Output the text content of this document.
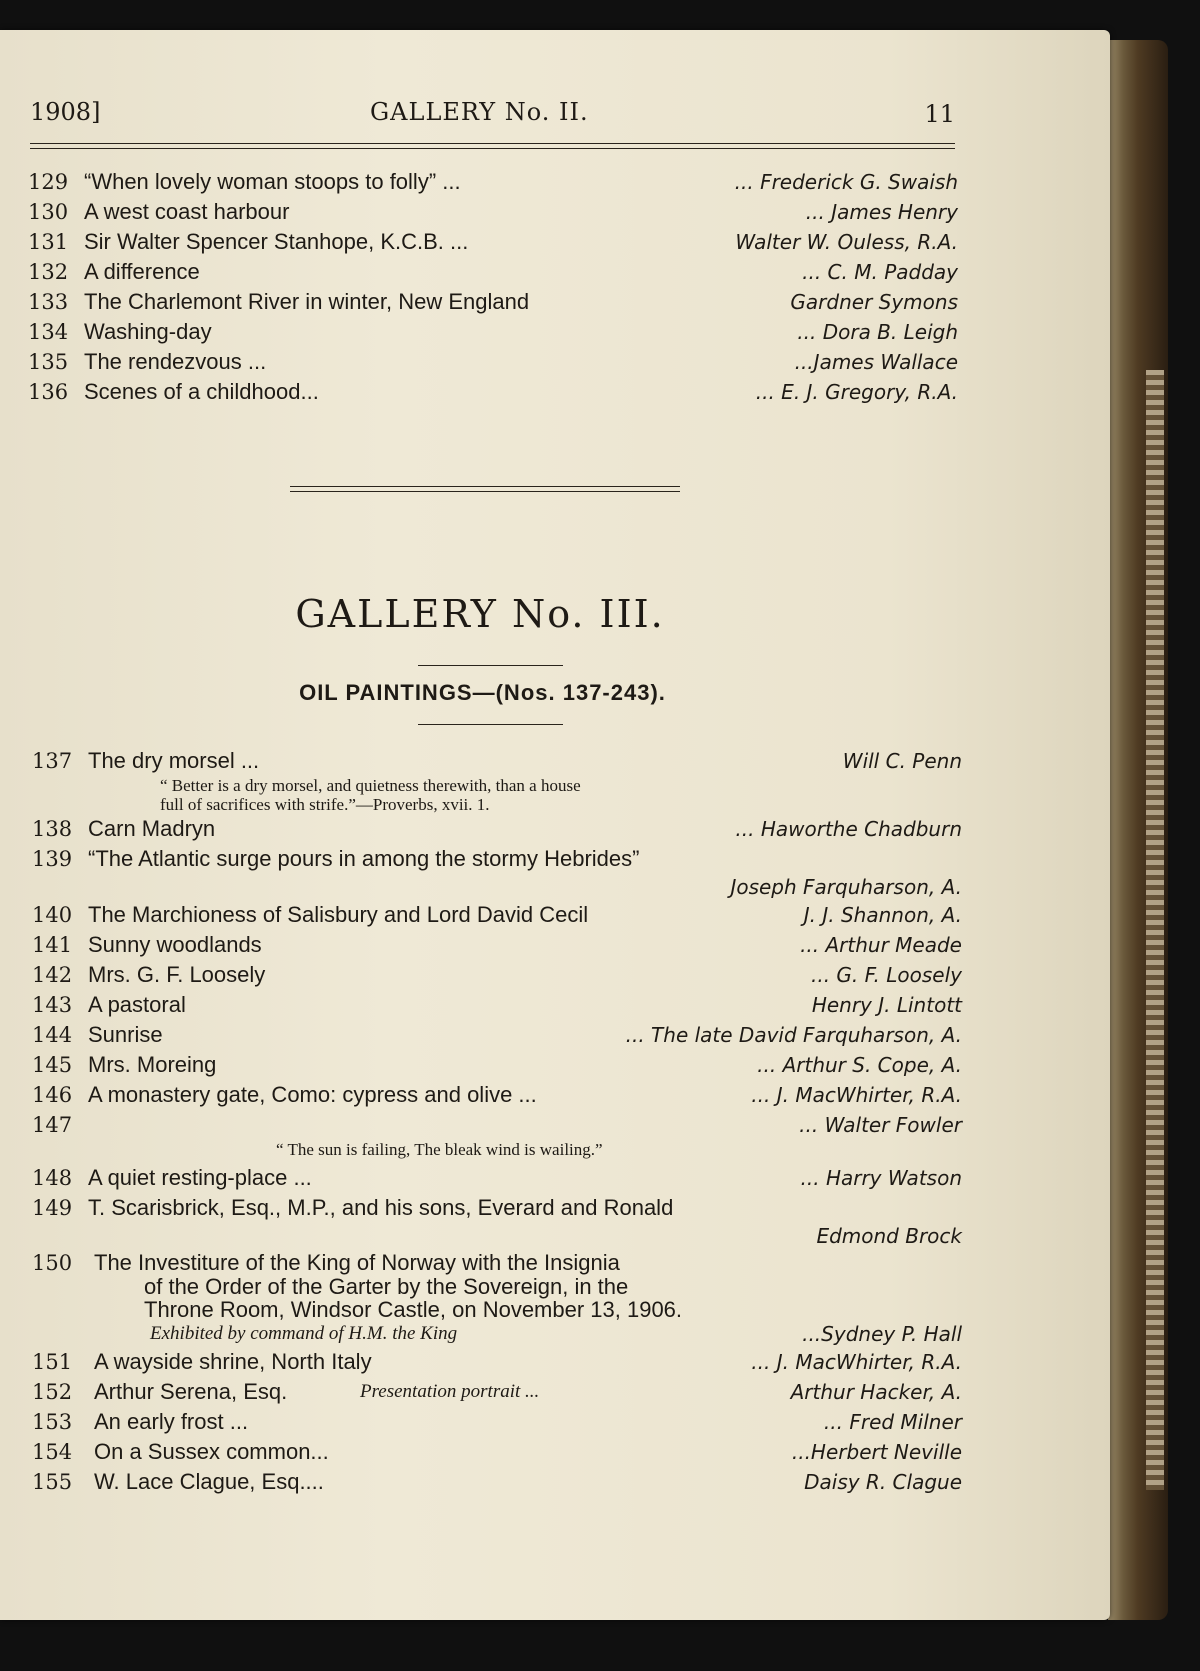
1908]	GALLERY No. II.	11
129 “When lovely woman stoops to folly” ...	... Frederick G. Swaish
130 A west coast harbour	... James Henry
131 Sir Walter Spencer Stanhope, K.C.B. ...	Walter W. Ouless, R.A.
132 A difference	... C. M. Padday
133 The Charlemont River in winter, New England	Gardner Symons
134 Washing-day	... Dora B. Leigh
135 The rendezvous ...	...James Wallace
136 Scenes of a childhood...	... E. J. Gregory, R.A.
GALLERY No. III.
OIL PAINTINGS—(Nos. 137-243).
137 The dry morsel ...	Will C. Penn
“ Better is a dry morsel, and quietness therewith, than a house
full of sacrifices with strife.”—Proverbs, xvii. 1.
138 Carn Madryn	... Haworthe Chadburn
139 “The Atlantic surge pours in among the stormy Hebrides”
Joseph Farquharson, A.
140 The Marchioness of Salisbury and Lord David Cecil	J. J. Shannon, A.
141 Sunny woodlands	... Arthur Meade
142 Mrs. G. F. Loosely	... G. F. Loosely
143 A pastoral	Henry J. Lintott
144 Sunrise	... The late David Farquharson, A.
145 Mrs. Moreing	... Arthur S. Cope, A.
146 A monastery gate, Como: cypress and olive ...	... J. MacWhirter, R.A.
147	... Walter Fowler
“ The sun is failing, The bleak wind is wailing.”
148 A quiet resting-place ...	... Harry Watson
149 T. Scarisbrick, Esq., M.P., and his sons, Everard and Ronald
Edmond Brock
150 The Investiture of the King of Norway with the Insignia
of the Order of the Garter by the Sovereign, in the
Throne Room, Windsor Castle, on November 13, 1906.
Exhibited by command of H.M. the King	...Sydney P. Hall
151 A wayside shrine, North Italy	... J. MacWhirter, R.A.
152 Arthur Serena, Esq.	Presentation portrait ...	Arthur Hacker, A.
153 An early frost ...	... Fred Milner
154 On a Sussex common...	...Herbert Neville
155 W. Lace Clague, Esq....	Daisy R. Clague
